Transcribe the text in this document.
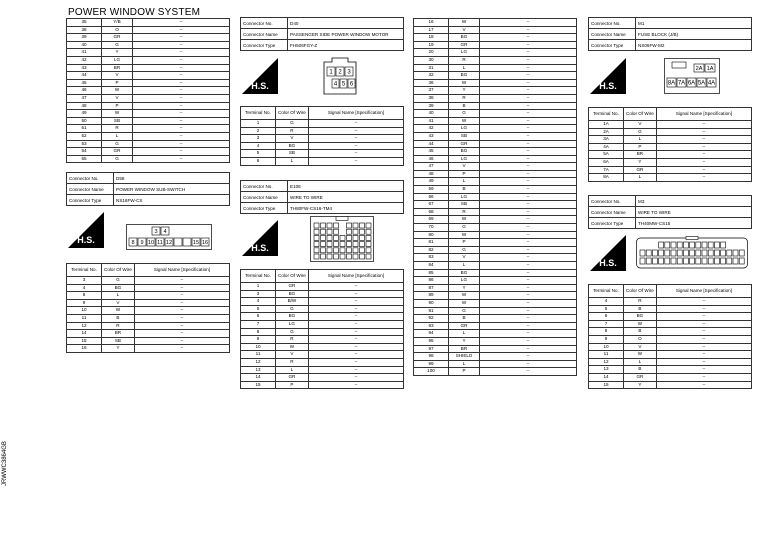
POWER WINDOW SYSTEM
35	Y/B	–
38	O	–
39	GR	–
40	G	–
41	Y	–
42	LG	–
43	BR	–
44	V	–
45	P	–
46	W	–
47	V	–
48	P	–
49	W	–
50	SB	–
51	R	–
52	L	–
53	G	–
54	GR	–
55	G	–
Connector No.	D58
Connector Name	POWER WINDOW SUB-SWITCH
Connector Type	NS16FW-CS
H.S.
3 4
8 9 10 11 12	15 16
Terminal No.	Color Of Wire	Signal Name [Specification]
3	G	–
4	BG	–
8	L	–
9	V	–
10	W	–
11	B	–
12	R	–
14	BR	–
15	SB	–
16	Y	–
Connector No.	D40
Connector Name	PASSENGER SIDE POWER WINDOW MOTOR
Connector Type	FH506FGY-Z
H.S.
1 2 3
4 5 6
Terminal No.	Color Of Wire	Signal Name [Specification]
1	G	–
2	R	–
3	V	–
4	BG	–
5	SB	–
6	L	–
Connector No.	E106
Connector Name	WIRE TO WIRE
Connector Type	TH80FW-CS16-TM4
H.S.
Terminal No.	Color Of Wire	Signal Name [Specification]
1	GR	–
3	BG	–
4	B/W	–
5	G	–
6	BG	–
7	LG	–
8	G	–
9	R	–
10	W	–
11	V	–
12	R	–
13	L	–
14	GR	–
15	P	–
16	W	–
17	V	–
18	BG	–
19	GR	–
20	LG	–
30	R	–
31	L	–
32	BG	–
36	W	–
37	Y	–
38	R	–
39	B	–
40	G	–
41	W	–
42	LG	–
43	SB	–
44	GR	–
45	BG	–
46	LG	–
47	V	–
48	P	–
49	L	–
59	B	–
66	LG	–
67	SB	–
68	R	–
69	W	–
70	G	–
80	W	–
81	P	–
82	G	–
83	V	–
84	L	–
85	BG	–
86	LG	–
87	Y	–
89	W	–
90	W	–
91	G	–
92	B	–
93	GR	–
94	L	–
95	Y	–
97	BR	–
98	SHIELD	–
99	L	–
100	P	–
Connector No.	M1
Connector Name	FUSE BLOCK (J/B)
Connector Type	NS06FW-M2
H.S.
2A 1A
8A 7A 6A 5A 4A
Terminal No.	Color Of Wire	Signal Name [Specification]
1A	V	–
2A	G	–
3A	L	–
4A	P	–
5A	BR	–
6A	Y	–
7A	GR	–
8A	L	–
Connector No.	M3
Connector Name	WIRE TO WIRE
Connector Type	TH40MW-CS15
H.S.
Terminal No.	Color Of Wire	Signal Name [Specification]
4	R	–
5	B	–
6	BG	–
7	W	–
8	B	–
9	O	–
10	V	–
11	W	–
12	L	–
13	B	–
14	GR	–
15	Y	–
JRWWC3864GB
